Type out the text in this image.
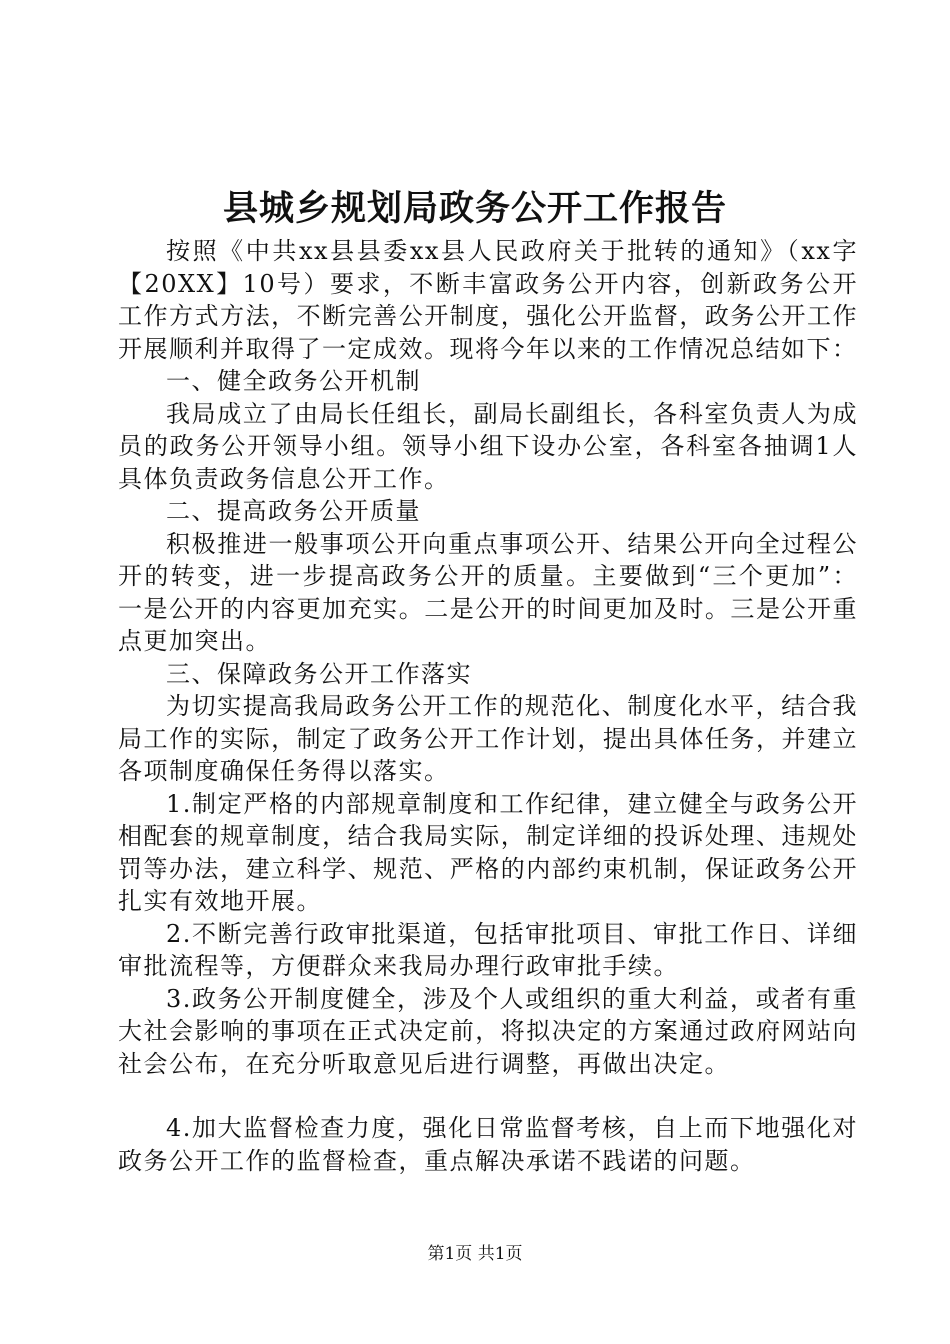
县城乡规划局政务公开工作报告

按照《中共xx县县委xx县人民政府关于批转的通知》（xx字【20XX】10号）要求，不断丰富政务公开内容，创新政务公开工作方式方法，不断完善公开制度，强化公开监督，政务公开工作开展顺利并取得了一定成效。现将今年以来的工作情况总结如下：

一、健全政务公开机制

我局成立了由局长任组长，副局长副组长，各科室负责人为成员的政务公开领导小组。领导小组下设办公室，各科室各抽调1人具体负责政务信息公开工作。

二、提高政务公开质量

积极推进一般事项公开向重点事项公开、结果公开向全过程公开的转变，进一步提高政务公开的质量。主要做到“三个更加”：一是公开的内容更加充实。二是公开的时间更加及时。三是公开重点更加突出。

三、保障政务公开工作落实

为切实提高我局政务公开工作的规范化、制度化水平，结合我局工作的实际，制定了政务公开工作计划，提出具体任务，并建立各项制度确保任务得以落实。

1.制定严格的内部规章制度和工作纪律，建立健全与政务公开相配套的规章制度，结合我局实际，制定详细的投诉处理、违规处罚等办法，建立科学、规范、严格的内部约束机制，保证政务公开扎实有效地开展。

2.不断完善行政审批渠道，包括审批项目、审批工作日、详细审批流程等，方便群众来我局办理行政审批手续。

3.政务公开制度健全，涉及个人或组织的重大利益，或者有重大社会影响的事项在正式决定前，将拟决定的方案通过政府网站向社会公布，在充分听取意见后进行调整，再做出决定。

4.加大监督检查力度，强化日常监督考核，自上而下地强化对政务公开工作的监督检查，重点解决承诺不践诺的问题。

第1页 共1页
